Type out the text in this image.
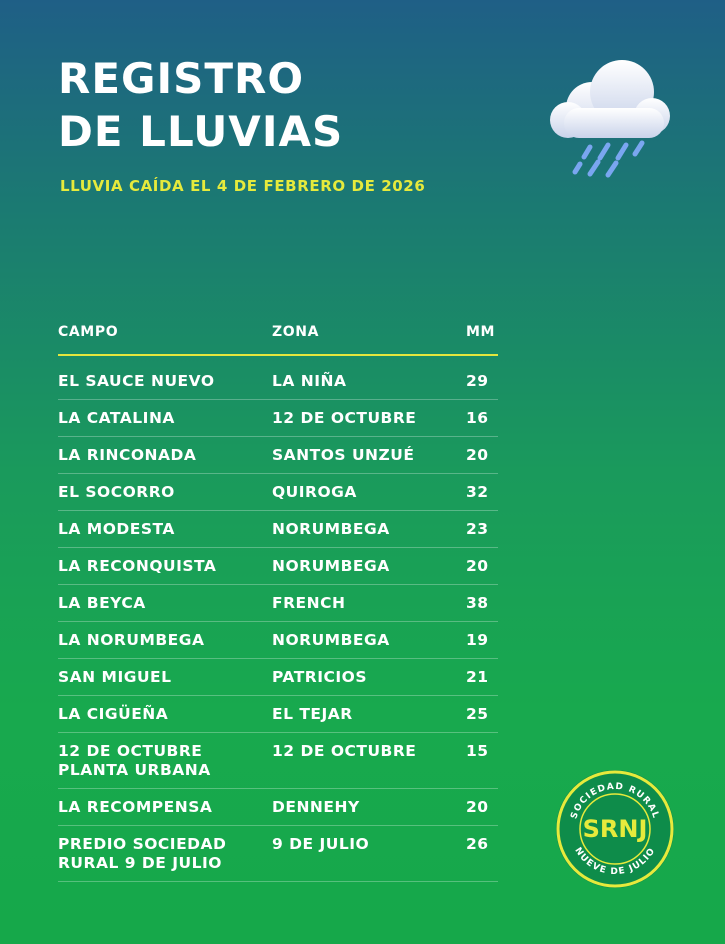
REGISTRO
DE LLUVIAS
LLUVIA CAÍDA EL 4 DE FEBRERO DE 2026
CAMPO	ZONA	MM
EL SAUCE NUEVO	LA NIÑA	29
LA CATALINA	12 DE OCTUBRE	16
LA RINCONADA	SANTOS UNZUÉ	20
EL SOCORRO	QUIROGA	32
LA MODESTA	NORUMBEGA	23
LA RECONQUISTA	NORUMBEGA	20
LA BEYCA	FRENCH	38
LA NORUMBEGA	NORUMBEGA	19
SAN MIGUEL	PATRICIOS	21
LA CIGÜEÑA	EL TEJAR	25

12 DE OCTUBRE
PLANTA URBANA	12 DE OCTUBRE	15
LA RECOMPENSA	DENNEHY	20

PREDIO SOCIEDAD
RURAL 9 DE JULIO	9 DE JULIO	26
SOCIEDAD RURAL
SRNJ
NUEVE DE JULIO
